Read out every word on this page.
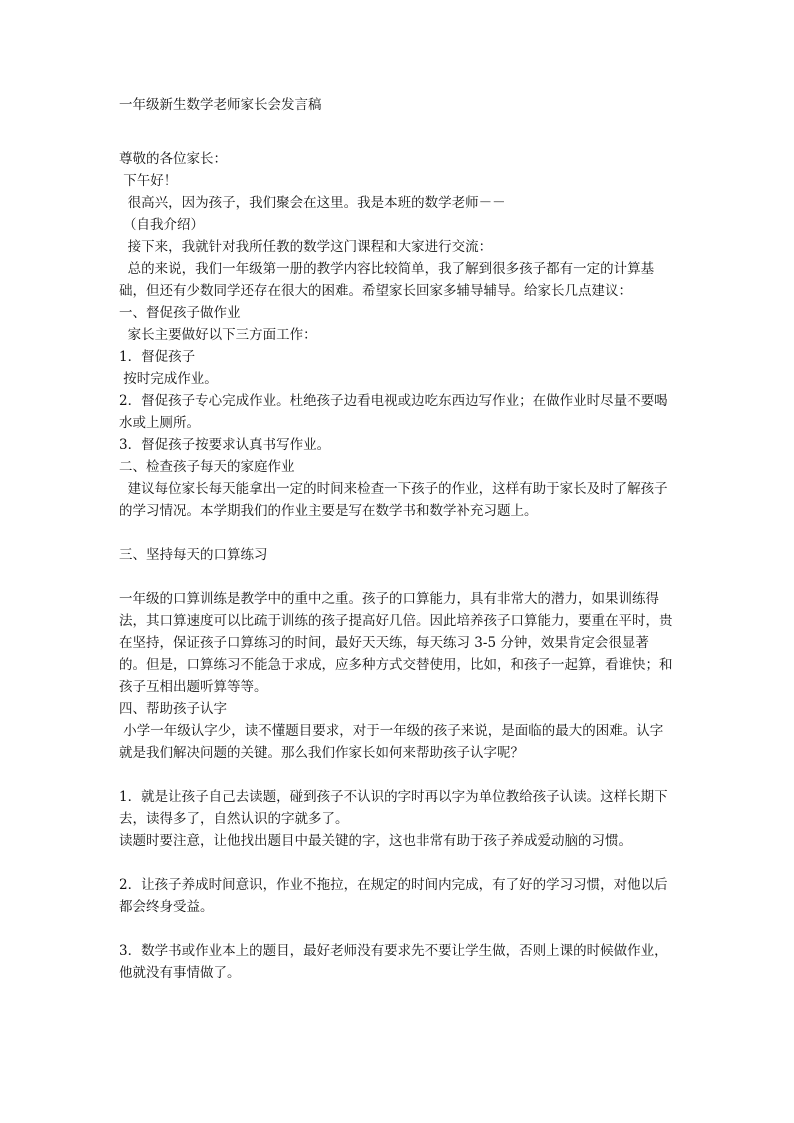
一年级新生数学老师家长会发言稿

尊敬的各位家长：

下午好！

很高兴，因为孩子，我们聚会在这里。我是本班的数学老师－－

（自我介绍）

接下来，我就针对我所任教的数学这门课程和大家进行交流：

总的来说，我们一年级第一册的教学内容比较简单，我了解到很多孩子都有一定的计算基础，但还有少数同学还存在很大的困难。希望家长回家多辅导辅导。给家长几点建议：

一、督促孩子做作业

家长主要做好以下三方面工作：

1．督促孩子

按时完成作业。

2．督促孩子专心完成作业。杜绝孩子边看电视或边吃东西边写作业；在做作业时尽量不要喝水或上厕所。

3．督促孩子按要求认真书写作业。

二、检查孩子每天的家庭作业

建议每位家长每天能拿出一定的时间来检查一下孩子的作业，这样有助于家长及时了解孩子的学习情况。本学期我们的作业主要是写在数学书和数学补充习题上。

三、坚持每天的口算练习

一年级的口算训练是教学中的重中之重。孩子的口算能力，具有非常大的潜力，如果训练得法，其口算速度可以比疏于训练的孩子提高好几倍。因此培养孩子口算能力，要重在平时，贵在坚持，保证孩子口算练习的时间，最好天天练，每天练习 3-5 分钟，效果肯定会很显著的。但是，口算练习不能急于求成，应多种方式交替使用，比如，和孩子一起算，看谁快；和孩子互相出题听算等等。

四、帮助孩子认字

小学一年级认字少，读不懂题目要求，对于一年级的孩子来说，是面临的最大的困难。认字就是我们解决问题的关键。那么我们作家长如何来帮助孩子认字呢？

1．就是让孩子自己去读题，碰到孩子不认识的字时再以字为单位教给孩子认读。这样长期下去，读得多了，自然认识的字就多了。

读题时要注意，让他找出题目中最关键的字，这也非常有助于孩子养成爱动脑的习惯。

2．让孩子养成时间意识，作业不拖拉，在规定的时间内完成，有了好的学习习惯，对他以后都会终身受益。

3．数学书或作业本上的题目，最好老师没有要求先不要让学生做，否则上课的时候做作业，他就没有事情做了。
